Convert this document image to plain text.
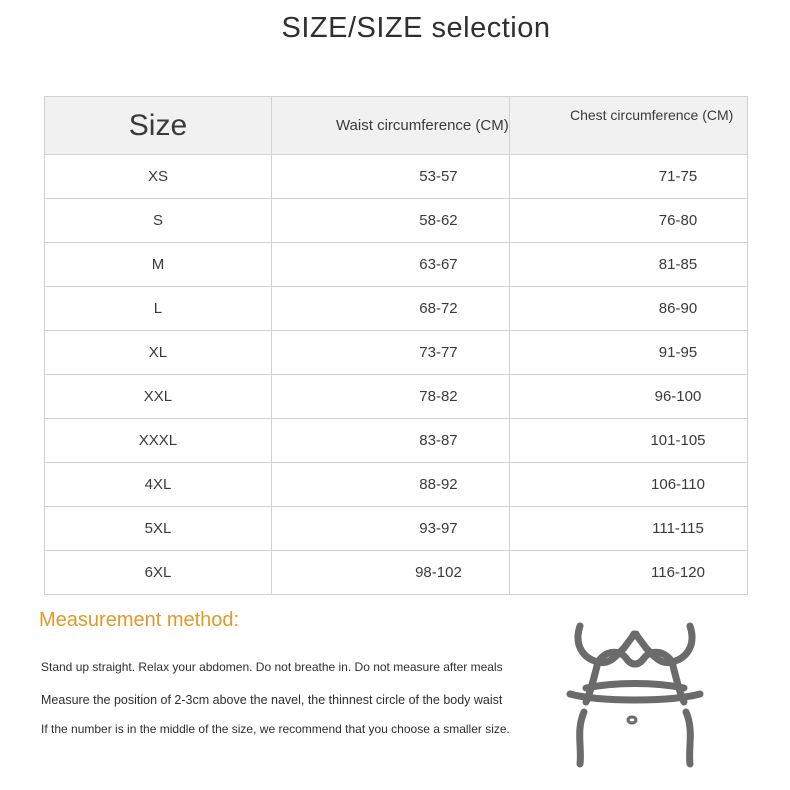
SIZE/SIZE selection
Size	Waist circumference (CM)	Chest circumference (CM)
XS	53-57	71-75
S	58-62	76-80
M	63-67	81-85
L	68-72	86-90
XL	73-77	91-95
XXL	78-82	96-100
XXXL	83-87	101-105
4XL	88-92	106-110
5XL	93-97	111-115
6XL	98-102	116-120
Measurement method:
Stand up straight. Relax your abdomen. Do not breathe in. Do not measure after meals
Measure the position of 2-3cm above the navel, the thinnest circle of the body waist
If the number is in the middle of the size, we recommend that you choose a smaller size.
